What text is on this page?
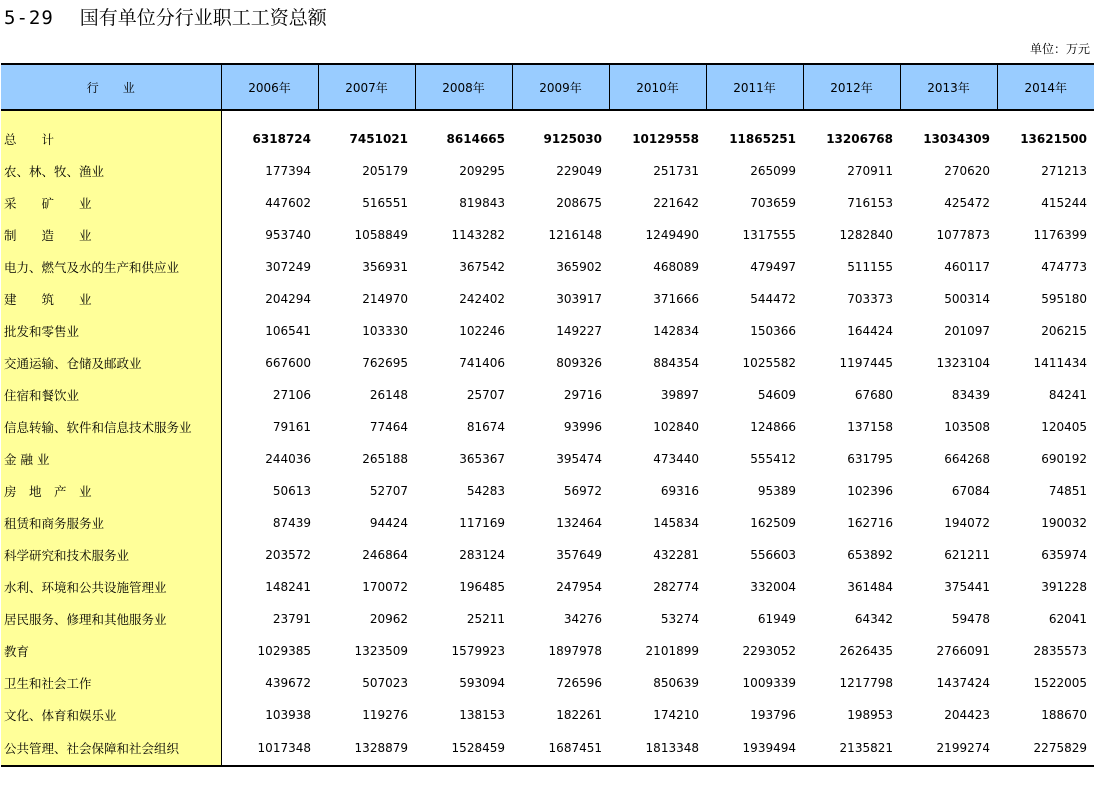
5-29 国有单位分行业职工工资总额
单位：万元
行　　业	2006年	2007年	2008年	2009年	2010年	2011年	2012年	2013年	2014年
总　　计	6318724	7451021	8614665	9125030	10129558	11865251	13206768	13034309	13621500
农、林、牧、渔业	177394	205179	209295	229049	251731	265099	270911	270620	271213
采　　矿　　业	447602	516551	819843	208675	221642	703659	716153	425472	415244
制　　造　　业	953740	1058849	1143282	1216148	1249490	1317555	1282840	1077873	1176399
电力、燃气及水的生产和供应业	307249	356931	367542	365902	468089	479497	511155	460117	474773
建　　筑　　业	204294	214970	242402	303917	371666	544472	703373	500314	595180
批发和零售业	106541	103330	102246	149227	142834	150366	164424	201097	206215
交通运输、仓储及邮政业	667600	762695	741406	809326	884354	1025582	1197445	1323104	1411434
住宿和餐饮业	27106	26148	25707	29716	39897	54609	67680	83439	84241
信息转输、软件和信息技术服务业	79161	77464	81674	93996	102840	124866	137158	103508	120405
金 融 业	244036	265188	365367	395474	473440	555412	631795	664268	690192
房　地　产　业	50613	52707	54283	56972	69316	95389	102396	67084	74851
租赁和商务服务业	87439	94424	117169	132464	145834	162509	162716	194072	190032
科学研究和技术服务业	203572	246864	283124	357649	432281	556603	653892	621211	635974
水利、环境和公共设施管理业	148241	170072	196485	247954	282774	332004	361484	375441	391228
居民服务、修理和其他服务业	23791	20962	25211	34276	53274	61949	64342	59478	62041
教育	1029385	1323509	1579923	1897978	2101899	2293052	2626435	2766091	2835573
卫生和社会工作	439672	507023	593094	726596	850639	1009339	1217798	1437424	1522005
文化、体育和娱乐业	103938	119276	138153	182261	174210	193796	198953	204423	188670
公共管理、社会保障和社会组织	1017348	1328879	1528459	1687451	1813348	1939494	2135821	2199274	2275829
